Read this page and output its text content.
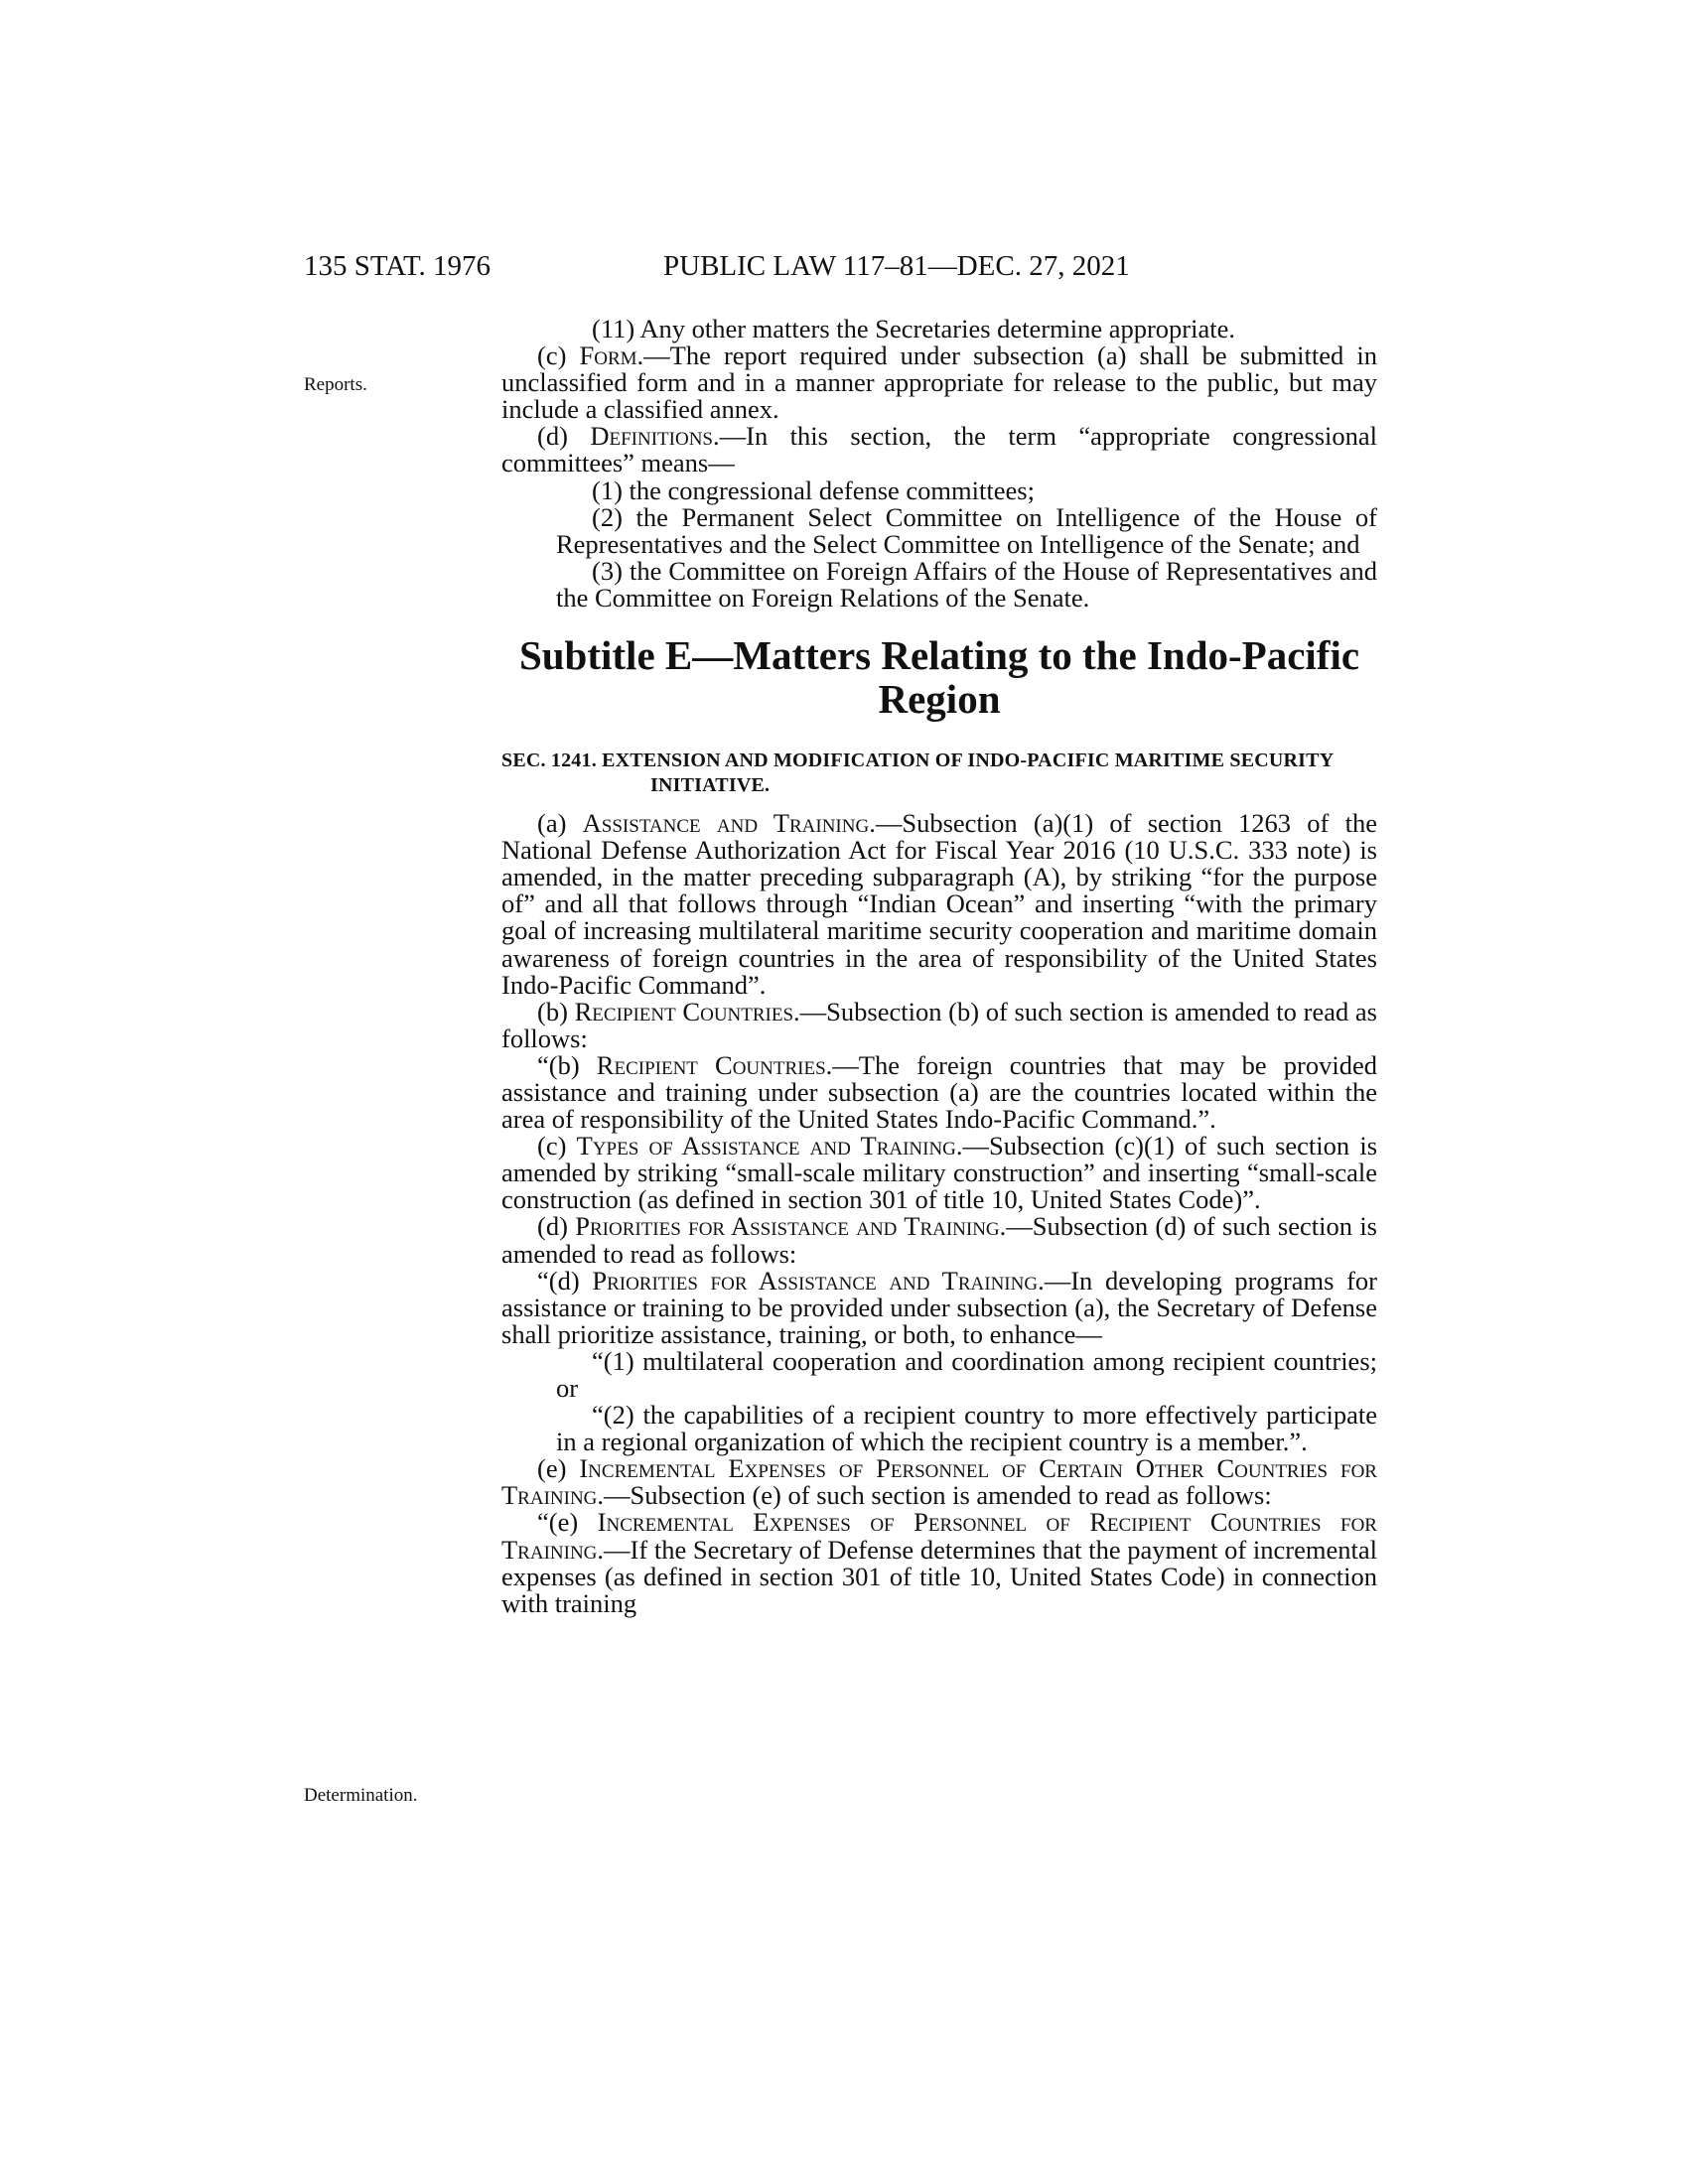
135 STAT. 1976	PUBLIC LAW 117–81—DEC. 27, 2021
Reports.
Determination.

(11) Any other matters the Secretaries determine appropriate.

(c) Form.—The report required under subsection (a) shall be submitted in unclassified form and in a manner appropriate for release to the public, but may include a classified annex.

(d) Definitions.—In this section, the term “appropriate congressional committees” means—

(1) the congressional defense committees;

(2) the Permanent Select Committee on Intelligence of the House of Representatives and the Select Committee on Intelligence of the Senate; and

(3) the Committee on Foreign Affairs of the House of Representatives and the Committee on Foreign Relations of the Senate.

Subtitle E—Matters Relating to the Indo-Pacific Region

SEC. 1241. EXTENSION AND MODIFICATION OF INDO-PACIFIC MARITIME SECURITY INITIATIVE.

(a) Assistance and Training.—Subsection (a)(1) of section 1263 of the National Defense Authorization Act for Fiscal Year 2016 (10 U.S.C. 333 note) is amended, in the matter preceding subparagraph (A), by striking “for the purpose of” and all that follows through “Indian Ocean” and inserting “with the primary goal of increasing multilateral maritime security cooperation and maritime domain awareness of foreign countries in the area of responsibility of the United States Indo-Pacific Command”.

(b) Recipient Countries.—Subsection (b) of such section is amended to read as follows:

“(b) Recipient Countries.—The foreign countries that may be provided assistance and training under subsection (a) are the countries located within the area of responsibility of the United States Indo-Pacific Command.”.

(c) Types of Assistance and Training.—Subsection (c)(1) of such section is amended by striking “small-scale military construction” and inserting “small-scale construction (as defined in section 301 of title 10, United States Code)”.

(d) Priorities for Assistance and Training.—Subsection (d) of such section is amended to read as follows:

“(d) Priorities for Assistance and Training.—In developing programs for assistance or training to be provided under subsection (a), the Secretary of Defense shall prioritize assistance, training, or both, to enhance—

“(1) multilateral cooperation and coordination among recipient countries; or

“(2) the capabilities of a recipient country to more effectively participate in a regional organization of which the recipient country is a member.”.

(e) Incremental Expenses of Personnel of Certain Other Countries for Training.—Subsection (e) of such section is amended to read as follows:

“(e) Incremental Expenses of Personnel of Recipient Countries for Training.—If the Secretary of Defense determines that the payment of incremental expenses (as defined in section 301 of title 10, United States Code) in connection with training
